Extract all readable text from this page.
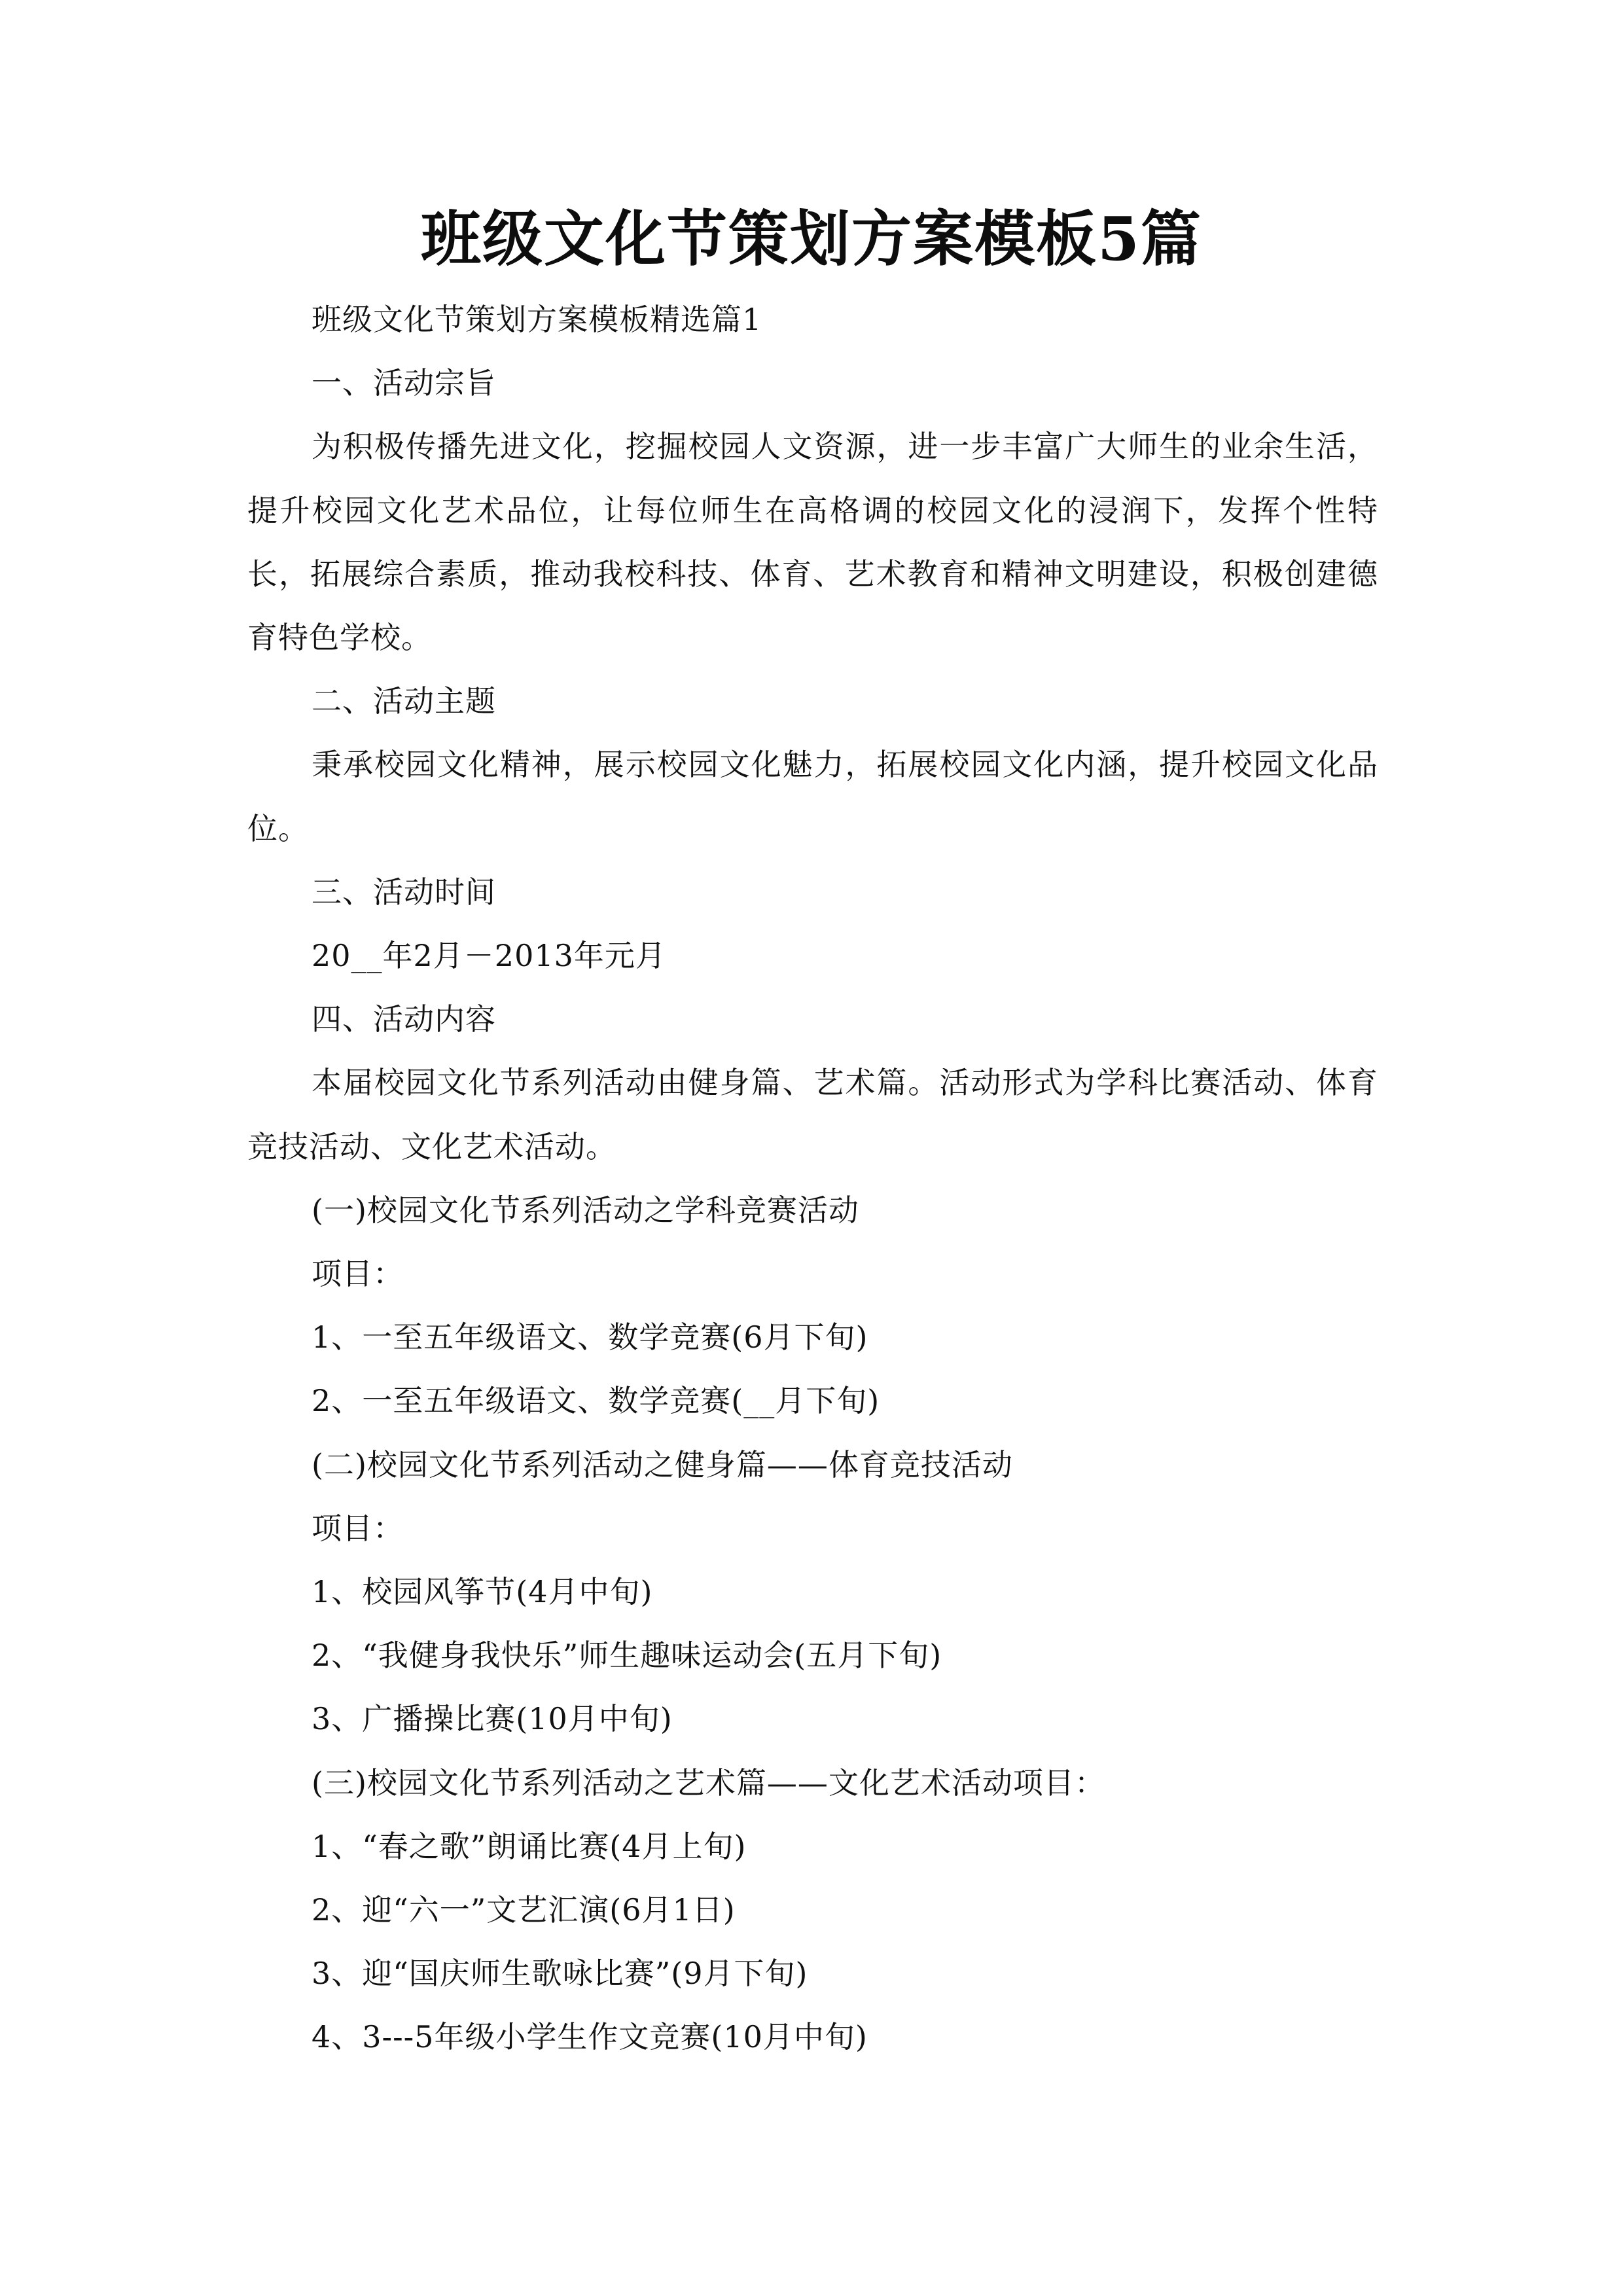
班级文化节策划方案模板5篇

班级文化节策划方案模板精选篇1

一、活动宗旨

为积极传播先进文化，挖掘校园人文资源，进一步丰富广大师生的业余生活，提升校园文化艺术品位，让每位师生在高格调的校园文化的浸润下，发挥个性特长，拓展综合素质，推动我校科技、体育、艺术教育和精神文明建设，积极创建德育特色学校。

二、活动主题

秉承校园文化精神，展示校园文化魅力，拓展校园文化内涵，提升校园文化品位。

三、活动时间

20__年2月－2013年元月

四、活动内容

本届校园文化节系列活动由健身篇、艺术篇。活动形式为学科比赛活动、体育竞技活动、文化艺术活动。

(一)校园文化节系列活动之学科竞赛活动

项目：

1、一至五年级语文、数学竞赛(6月下旬)

2、一至五年级语文、数学竞赛(__月下旬)

(二)校园文化节系列活动之健身篇——体育竞技活动

项目：

1、校园风筝节(4月中旬)

2、“我健身我快乐”师生趣味运动会(五月下旬)

3、广播操比赛(10月中旬)

(三)校园文化节系列活动之艺术篇——文化艺术活动项目：

1、“春之歌”朗诵比赛(4月上旬)

2、迎“六一”文艺汇演(6月1日)

3、迎“国庆师生歌咏比赛”(9月下旬)

4、3---5年级小学生作文竞赛(10月中旬)
